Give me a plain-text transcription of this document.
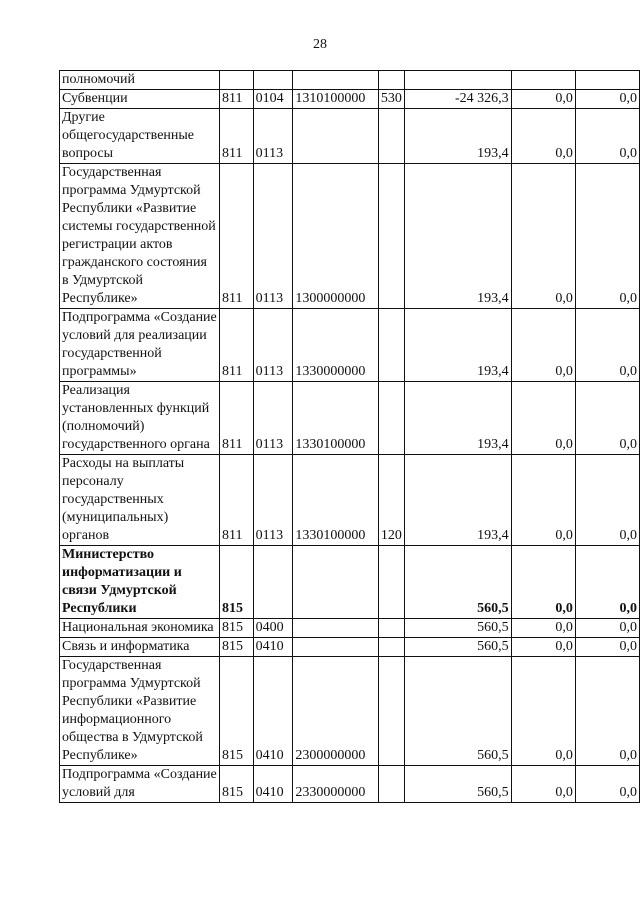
28
полномочий							
Субвенции	811	0104	1310100000	530	-24 326,3	0,0	0,0
Другие общегосударственные вопросы	811	0113			193,4	0,0	0,0
Государственная программа Удмуртской Республики «Развитие системы государственной регистрации актов гражданского состояния в Удмуртской Республике»	811	0113	1300000000		193,4	0,0	0,0
Подпрограмма «Создание условий для реализации государственной программы»	811	0113	1330000000		193,4	0,0	0,0
Реализация установленных функций (полномочий) государственного органа	811	0113	1330100000		193,4	0,0	0,0
Расходы на выплаты персоналу государственных (муниципальных) органов	811	0113	1330100000	120	193,4	0,0	0,0
Министерство информатизации и связи Удмуртской Республики	815				560,5	0,0	0,0
Национальная экономика	815	0400			560,5	0,0	0,0
Связь и информатика	815	0410			560,5	0,0	0,0
Государственная программа Удмуртской Республики «Развитие информационного общества в Удмуртской Республике»	815	0410	2300000000		560,5	0,0	0,0
Подпрограмма «Создание условий для	815	0410	2330000000		560,5	0,0	0,0
